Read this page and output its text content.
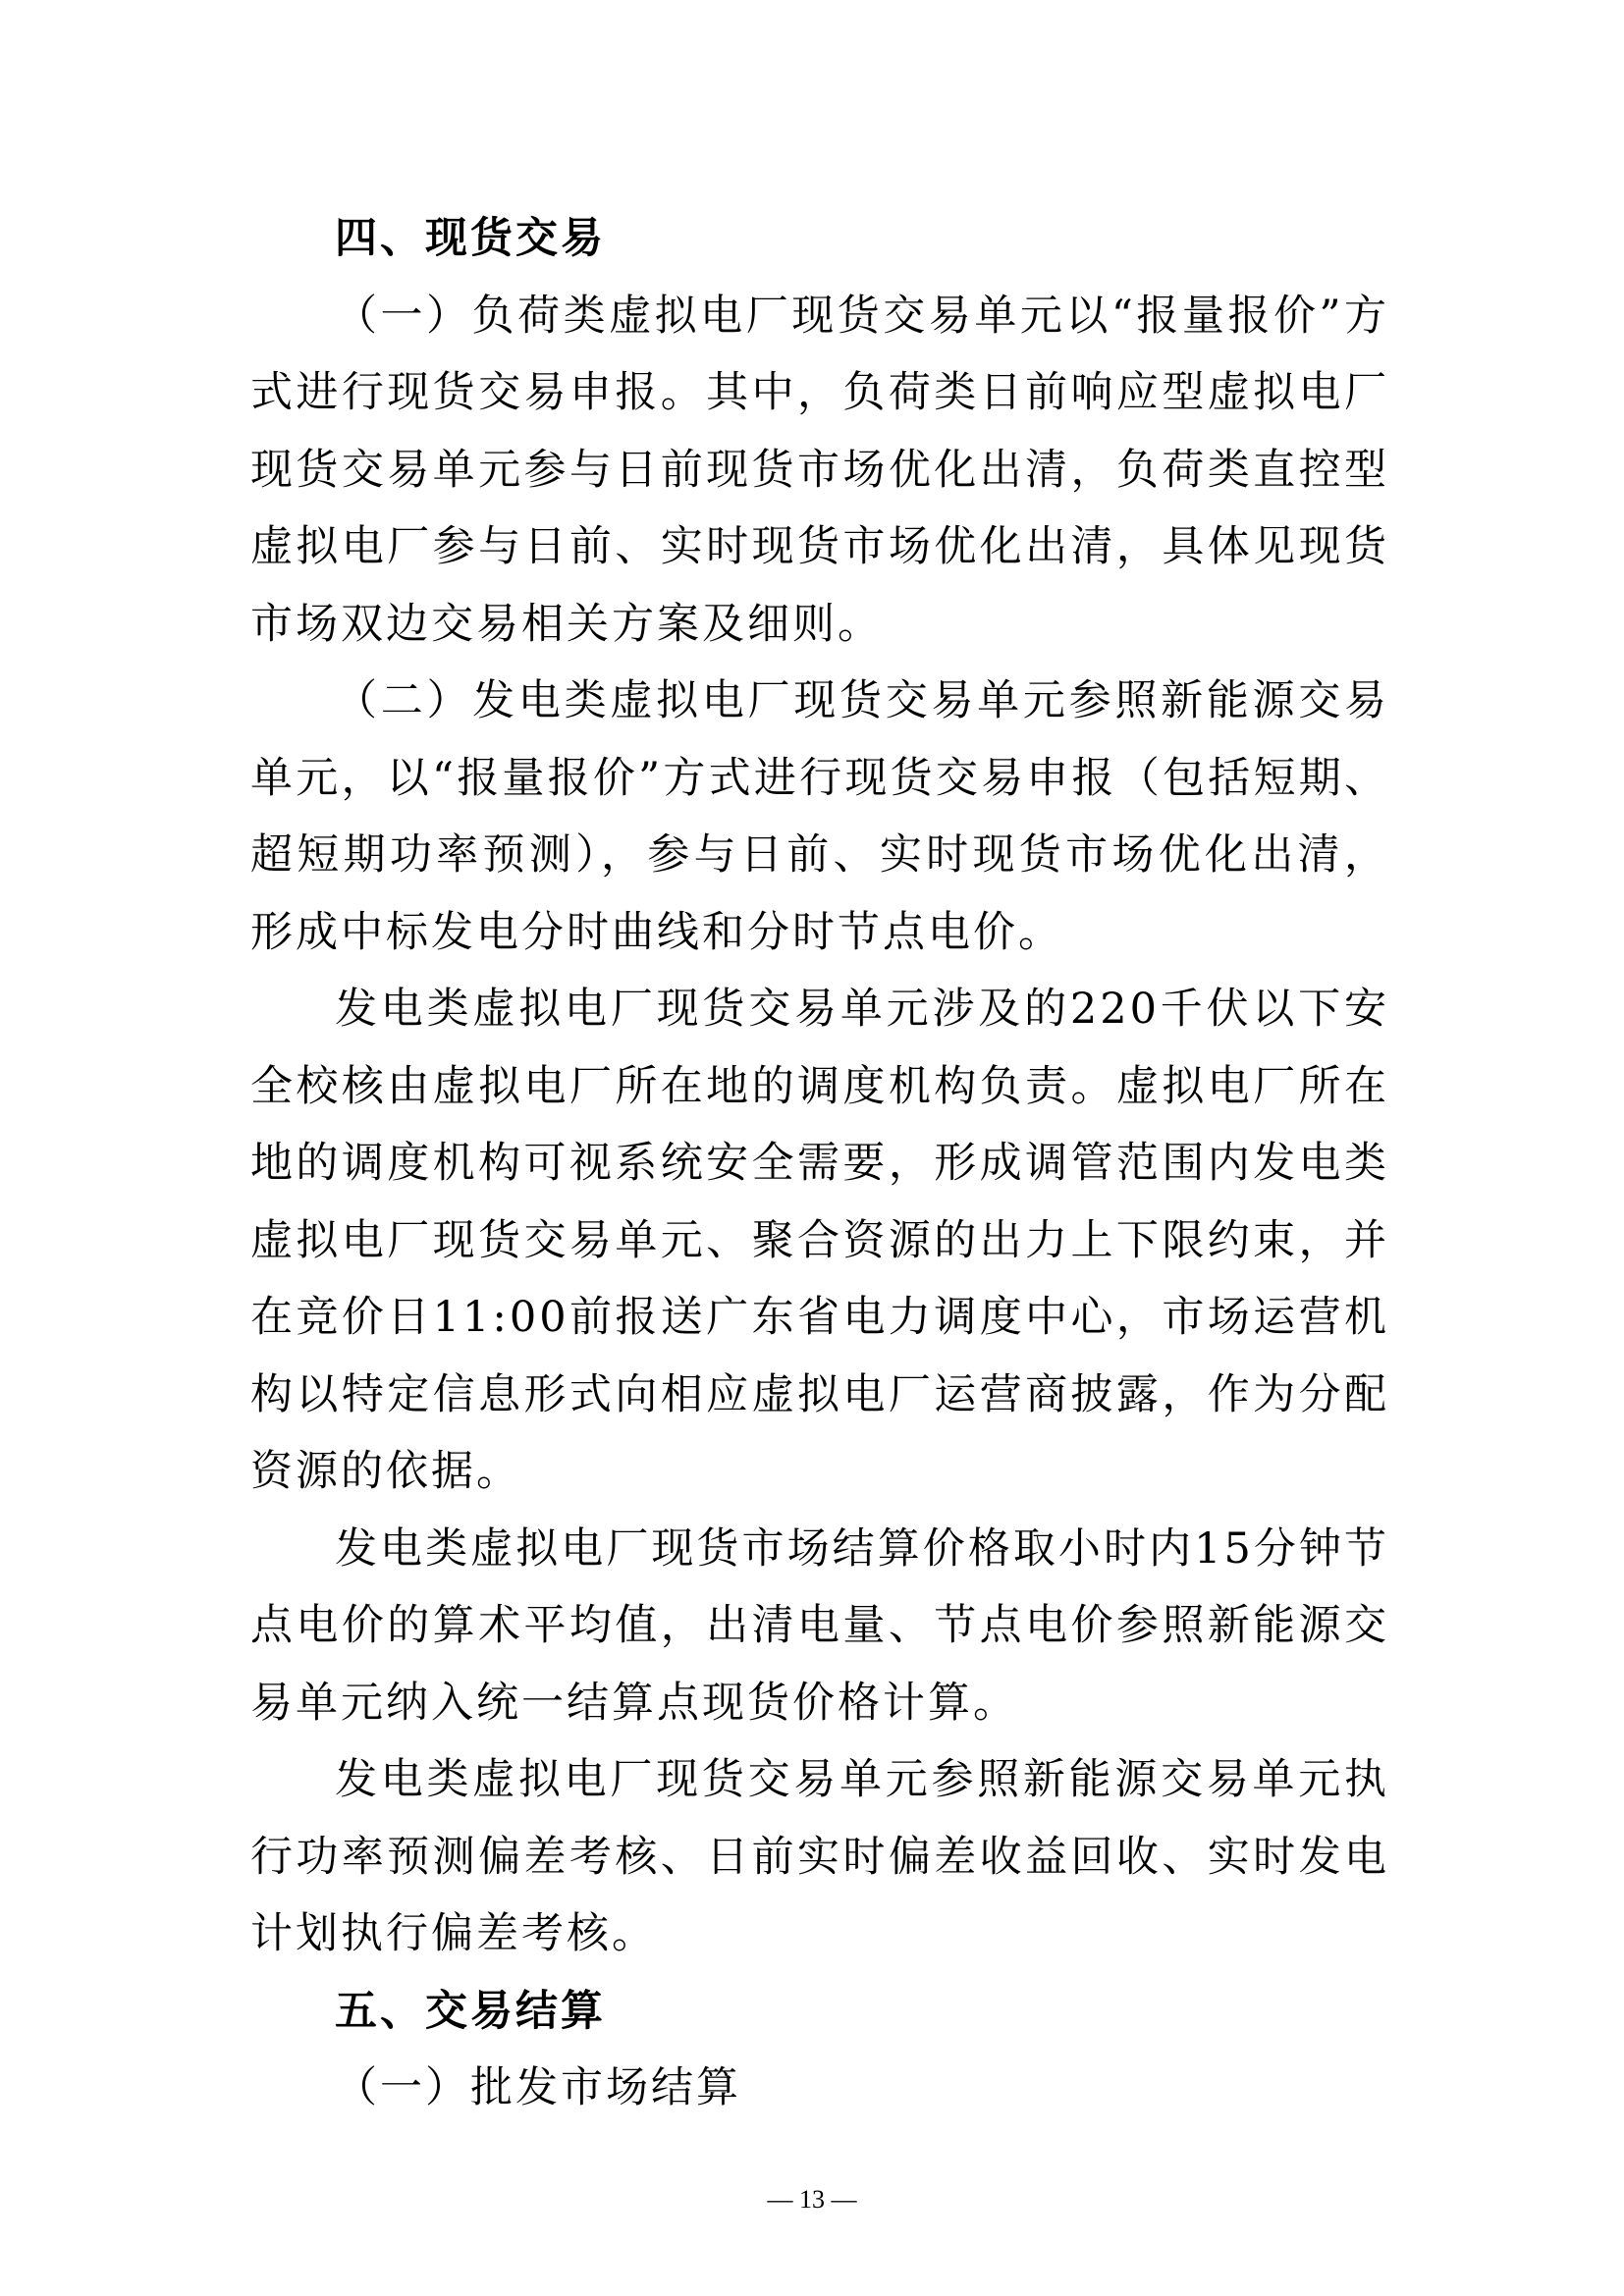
四、现货交易

（一）负荷类虚拟电厂现货交易单元以“报量报价”方式进行现货交易申报。其中，负荷类日前响应型虚拟电厂现货交易单元参与日前现货市场优化出清，负荷类直控型虚拟电厂参与日前、实时现货市场优化出清，具体见现货市场双边交易相关方案及细则。

（二）发电类虚拟电厂现货交易单元参照新能源交易单元，以“报量报价”方式进行现货交易申报（包括短期、超短期功率预测），参与日前、实时现货市场优化出清，形成中标发电分时曲线和分时节点电价。

发电类虚拟电厂现货交易单元涉及的220千伏以下安全校核由虚拟电厂所在地的调度机构负责。虚拟电厂所在地的调度机构可视系统安全需要，形成调管范围内发电类虚拟电厂现货交易单元、聚合资源的出力上下限约束，并在竞价日11:00前报送广东省电力调度中心，市场运营机构以特定信息形式向相应虚拟电厂运营商披露，作为分配资源的依据。

发电类虚拟电厂现货市场结算价格取小时内15分钟节点电价的算术平均值，出清电量、节点电价参照新能源交易单元纳入统一结算点现货价格计算。

发电类虚拟电厂现货交易单元参照新能源交易单元执行功率预测偏差考核、日前实时偏差收益回收、实时发电计划执行偏差考核。

五、交易结算

（一）批发市场结算

— 13 —
